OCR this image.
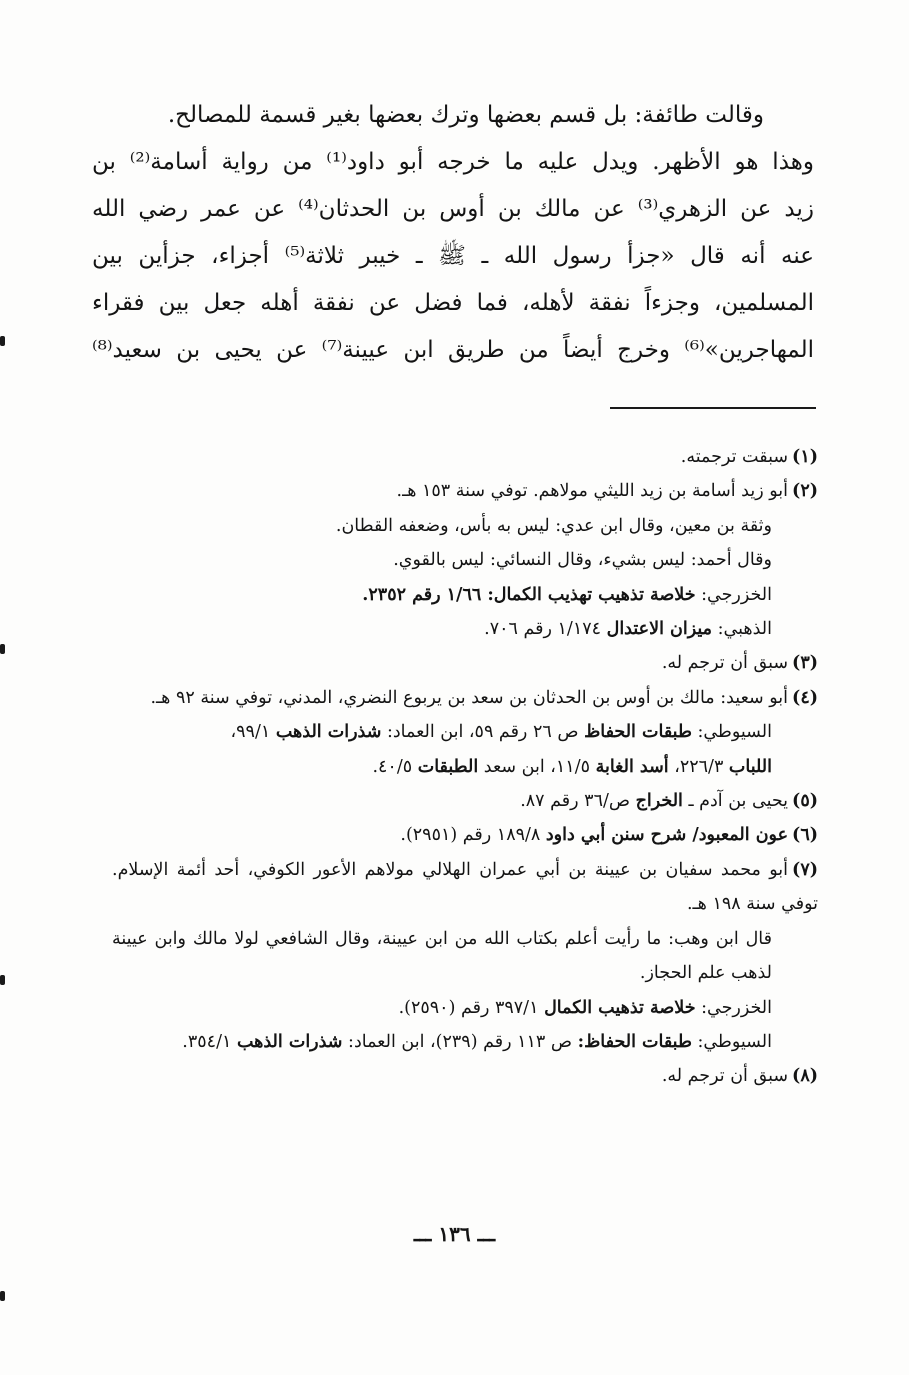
وقالت طائفة: بل قسم بعضها وترك بعضها بغير قسمة للمصالح.
وهذا هو الأظهر. ويدل عليه ما خرجه أبو داود⁽¹⁾ من رواية أسامة⁽²⁾ بن
زيد عن الزهري⁽³⁾ عن مالك بن أوس بن الحدثان⁽⁴⁾ عن عمر رضي الله
عنه أنه قال «جزأ رسول الله ـ ﷺ ـ خيبر ثلاثة⁽⁵⁾ أجزاء، جزأين بين
المسلمين، وجزءاً نفقة لأهله، فما فضل عن نفقة أهله جعل بين فقراء
المهاجرين»⁽⁶⁾ وخرج أيضاً من طريق ابن عيينة⁽⁷⁾ عن يحيى بن سعيد⁽⁸⁾
(١)سبقت ترجمته.
(٢)أبو زيد أسامة بن زيد الليثي مولاهم. توفي سنة ١٥٣ هـ.
وثقة بن معين، وقال ابن عدي: ليس به بأس، وضعفه القطان.
وقال أحمد: ليس بشيء، وقال النسائي: ليس بالقوي.
الخزرجي: خلاصة تذهيب تهذيب الكمال: ١/٦٦ رقم ٢٣٥٢.
الذهبي: ميزان الاعتدال ١/١٧٤ رقم ٧٠٦.
(٣)سبق أن ترجم له.
(٤)أبو سعيد: مالك بن أوس بن الحدثان بن سعد بن يربوع النضري، المدني، توفي سنة ٩٢ هـ.
السيوطي: طبقات الحفاظ ص ٢٦ رقم ٥٩، ابن العماد: شذرات الذهب ٩٩/١،
اللباب ٢٢٦/٣، أسد الغابة ١١/٥، ابن سعد الطبقات ٤٠/٥.
(٥)يحيى بن آدم ـ الخراج ص/٣٦ رقم ٨٧.
(٦)عون المعبود/ شرح سنن أبي داود ١٨٩/٨ رقم (٢٩٥١).
(٧)أبو محمد سفيان بن عيينة بن أبي عمران الهلالي مولاهم الأعور الكوفي، أحد أئمة الإسلام. توفي سنة ١٩٨ هـ.
قال ابن وهب: ما رأيت أعلم بكتاب الله من ابن عيينة، وقال الشافعي لولا مالك وابن عيينة لذهب علم الحجاز.
الخزرجي: خلاصة تذهيب الكمال ٣٩٧/١ رقم (٢٥٩٠).
السيوطي: طبقات الحفاظ: ص ١١٣ رقم (٢٣٩)، ابن العماد: شذرات الذهب ٣٥٤/١.
(٨)سبق أن ترجم له.
ـــ ١٣٦ ـــ
